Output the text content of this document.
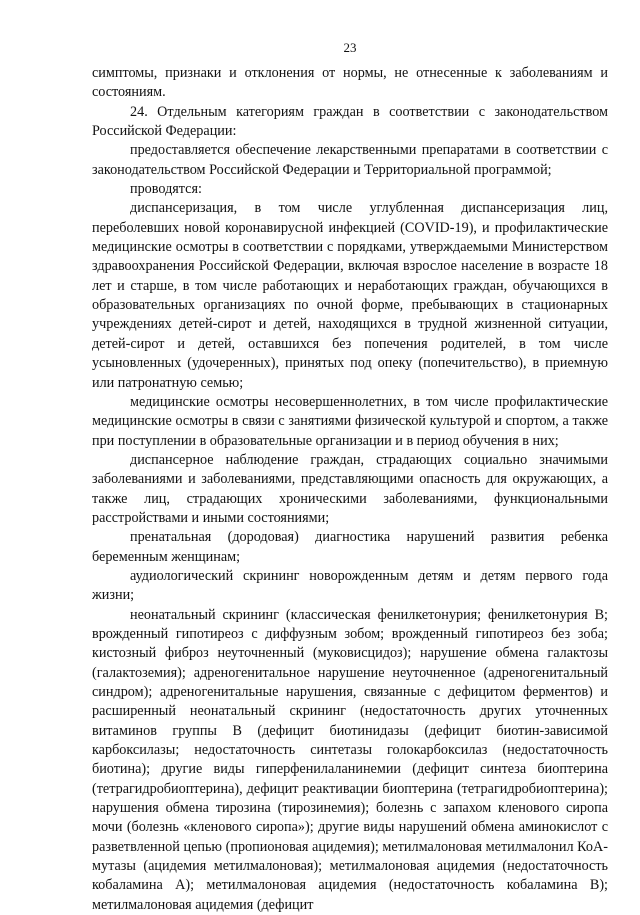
23

симптомы, признаки и отклонения от нормы, не отнесенные к заболеваниям и состояниям.

24. Отдельным категориям граждан в соответствии с законодательством Российской Федерации:

предоставляется обеспечение лекарственными препаратами в соответствии с законодательством Российской Федерации и Территориальной программой;

проводятся:

диспансеризация, в том числе углубленная диспансеризация лиц, переболевших новой коронавирусной инфекцией (COVID-19), и профилактические медицинские осмотры в соответствии с порядками, утверждаемыми Министерством здравоохранения Российской Федерации, включая взрослое население в возрасте 18 лет и старше, в том числе работающих и неработающих граждан, обучающихся в образовательных организациях по очной форме, пребывающих в стационарных учреждениях детей-сирот и детей, находящихся в трудной жизненной ситуации, детей-сирот и детей, оставшихся без попечения родителей, в том числе усыновленных (удочеренных), принятых под опеку (попечительство), в приемную или патронатную семью;

медицинские осмотры несовершеннолетних, в том числе профилактические медицинские осмотры в связи с занятиями физической культурой и спортом, а также при поступлении в образовательные организации и в период обучения в них;

диспансерное наблюдение граждан, страдающих социально значимыми заболеваниями и заболеваниями, представляющими опасность для окружающих, а также лиц, страдающих хроническими заболеваниями, функциональными расстройствами и иными состояниями;

пренатальная (дородовая) диагностика нарушений развития ребенка беременным женщинам;

аудиологический скрининг новорожденным детям и детям первого года жизни;

неонатальный скрининг (классическая фенилкетонурия; фенилкетонурия В; врожденный гипотиреоз с диффузным зобом; врожденный гипотиреоз без зоба; кистозный фиброз неуточненный (муковисцидоз); нарушение обмена галактозы (галактоземия); адреногенитальное нарушение неуточненное (адреногенитальный синдром); адреногенитальные нарушения, связанные с дефицитом ферментов) и расширенный неонатальный скрининг (недостаточность других уточненных витаминов группы В (дефицит биотинидазы (дефицит биотин-зависимой карбоксилазы; недостаточность синтетазы голокарбоксилаз (недостаточность биотина); другие виды гиперфенилаланинемии (дефицит синтеза биоптерина (тетрагидробиоптерина), дефицит реактивации биоптерина (тетрагидробиоптерина); нарушения обмена тирозина (тирозинемия); болезнь с запахом кленового сиропа мочи (болезнь «кленового сиропа»); другие виды нарушений обмена аминокислот с разветвленной цепью (пропионовая ацидемия); метилмалоновая метилмалонил КоА-мутазы (ацидемия метилмалоновая); метилмалоновая ацидемия (недостаточность кобаламина А); метилмалоновая ацидемия (недостаточность кобаламина В); метилмалоновая ацидемия (дефицит
